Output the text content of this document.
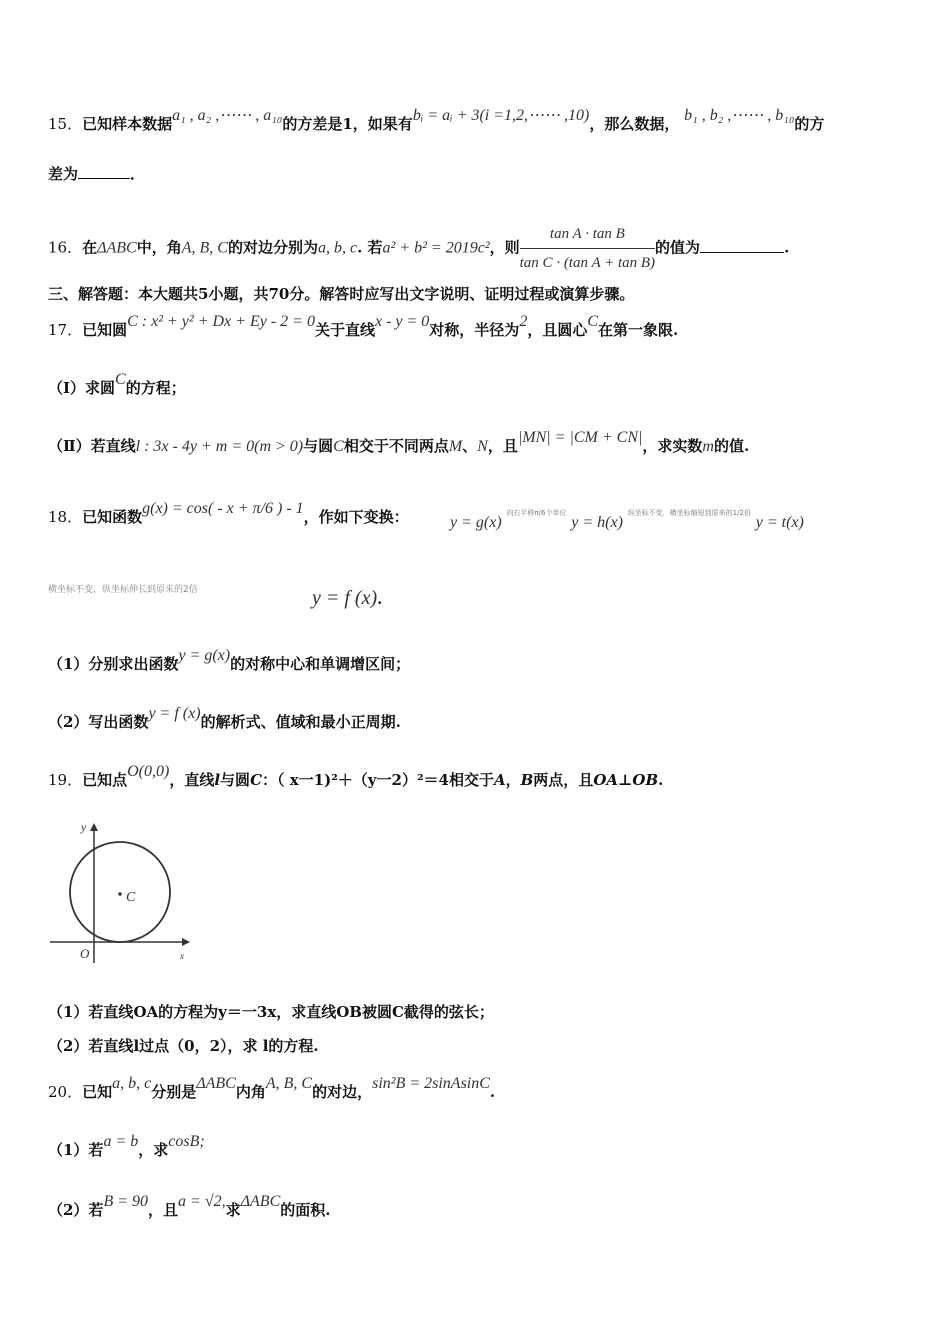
15．已知样本数据a₁ , a₂ ,⋯⋯ , a₁₀的方差是1，如果有bᵢ = aᵢ + 3(i =1,2,⋯⋯ ,10)，那么数据， b₁ , b₂ ,⋯⋯ , b₁₀的方
差为	．
16．在ΔABC中，角A, B, C的对边分别为a, b, c. 若a² + b² = 2019c²，则 $\frac{\text{tan A · tan B}}{\text{tan C · (tan A + tan B)}}$ 的值为	.
三、解答题：本大题共5小题，共70分。解答时应写出文字说明、证明过程或演算步骤。
17．已知圆C : x² + y² + Dx + Ey - 2 = 0关于直线x - y = 0对称，半径为2，且圆心C在第一象限.
（Ⅰ）求圆C的方程；
（Ⅱ）若直线l : 3x - 4y + m = 0(m > 0)与圆C相交于不同两点M、N，且|MN| = |CM + CN|，求实数m的值.
18．已知函数g(x) = cos( - x + π/6 ) - 1，作如下变换：	y = g(x) $^{向右平移\pi/6个单位}$ y = h(x) $^{纵坐标不变,横坐标缩短到原来的1/2倍}$ y = t(x)
横坐标不变，纵坐标伸长到原来的2倍	y = f (x).
（1）分别求出函数y = g(x)的对称中心和单调增区间；
（2）写出函数y = f (x)的解析式、值域和最小正周期.
19．已知点O(0,0)，直线l与圆C：（ x一1)²＋（y一2）²＝4相交于A，B两点，且OA⊥OB.
C
y
x
O
（1）若直线OA的方程为y＝一3x，求直线OB被圆C截得的弦长；
（2）若直线l过点（0，2），求 l的方程.
20．已知a, b, c分别是ΔABC内角A, B, C的对边，sin²B = 2sinAsinC.
（1）若a = b，求cosB;
（2）若B = 90，且a = √2,求ΔABC的面积.
